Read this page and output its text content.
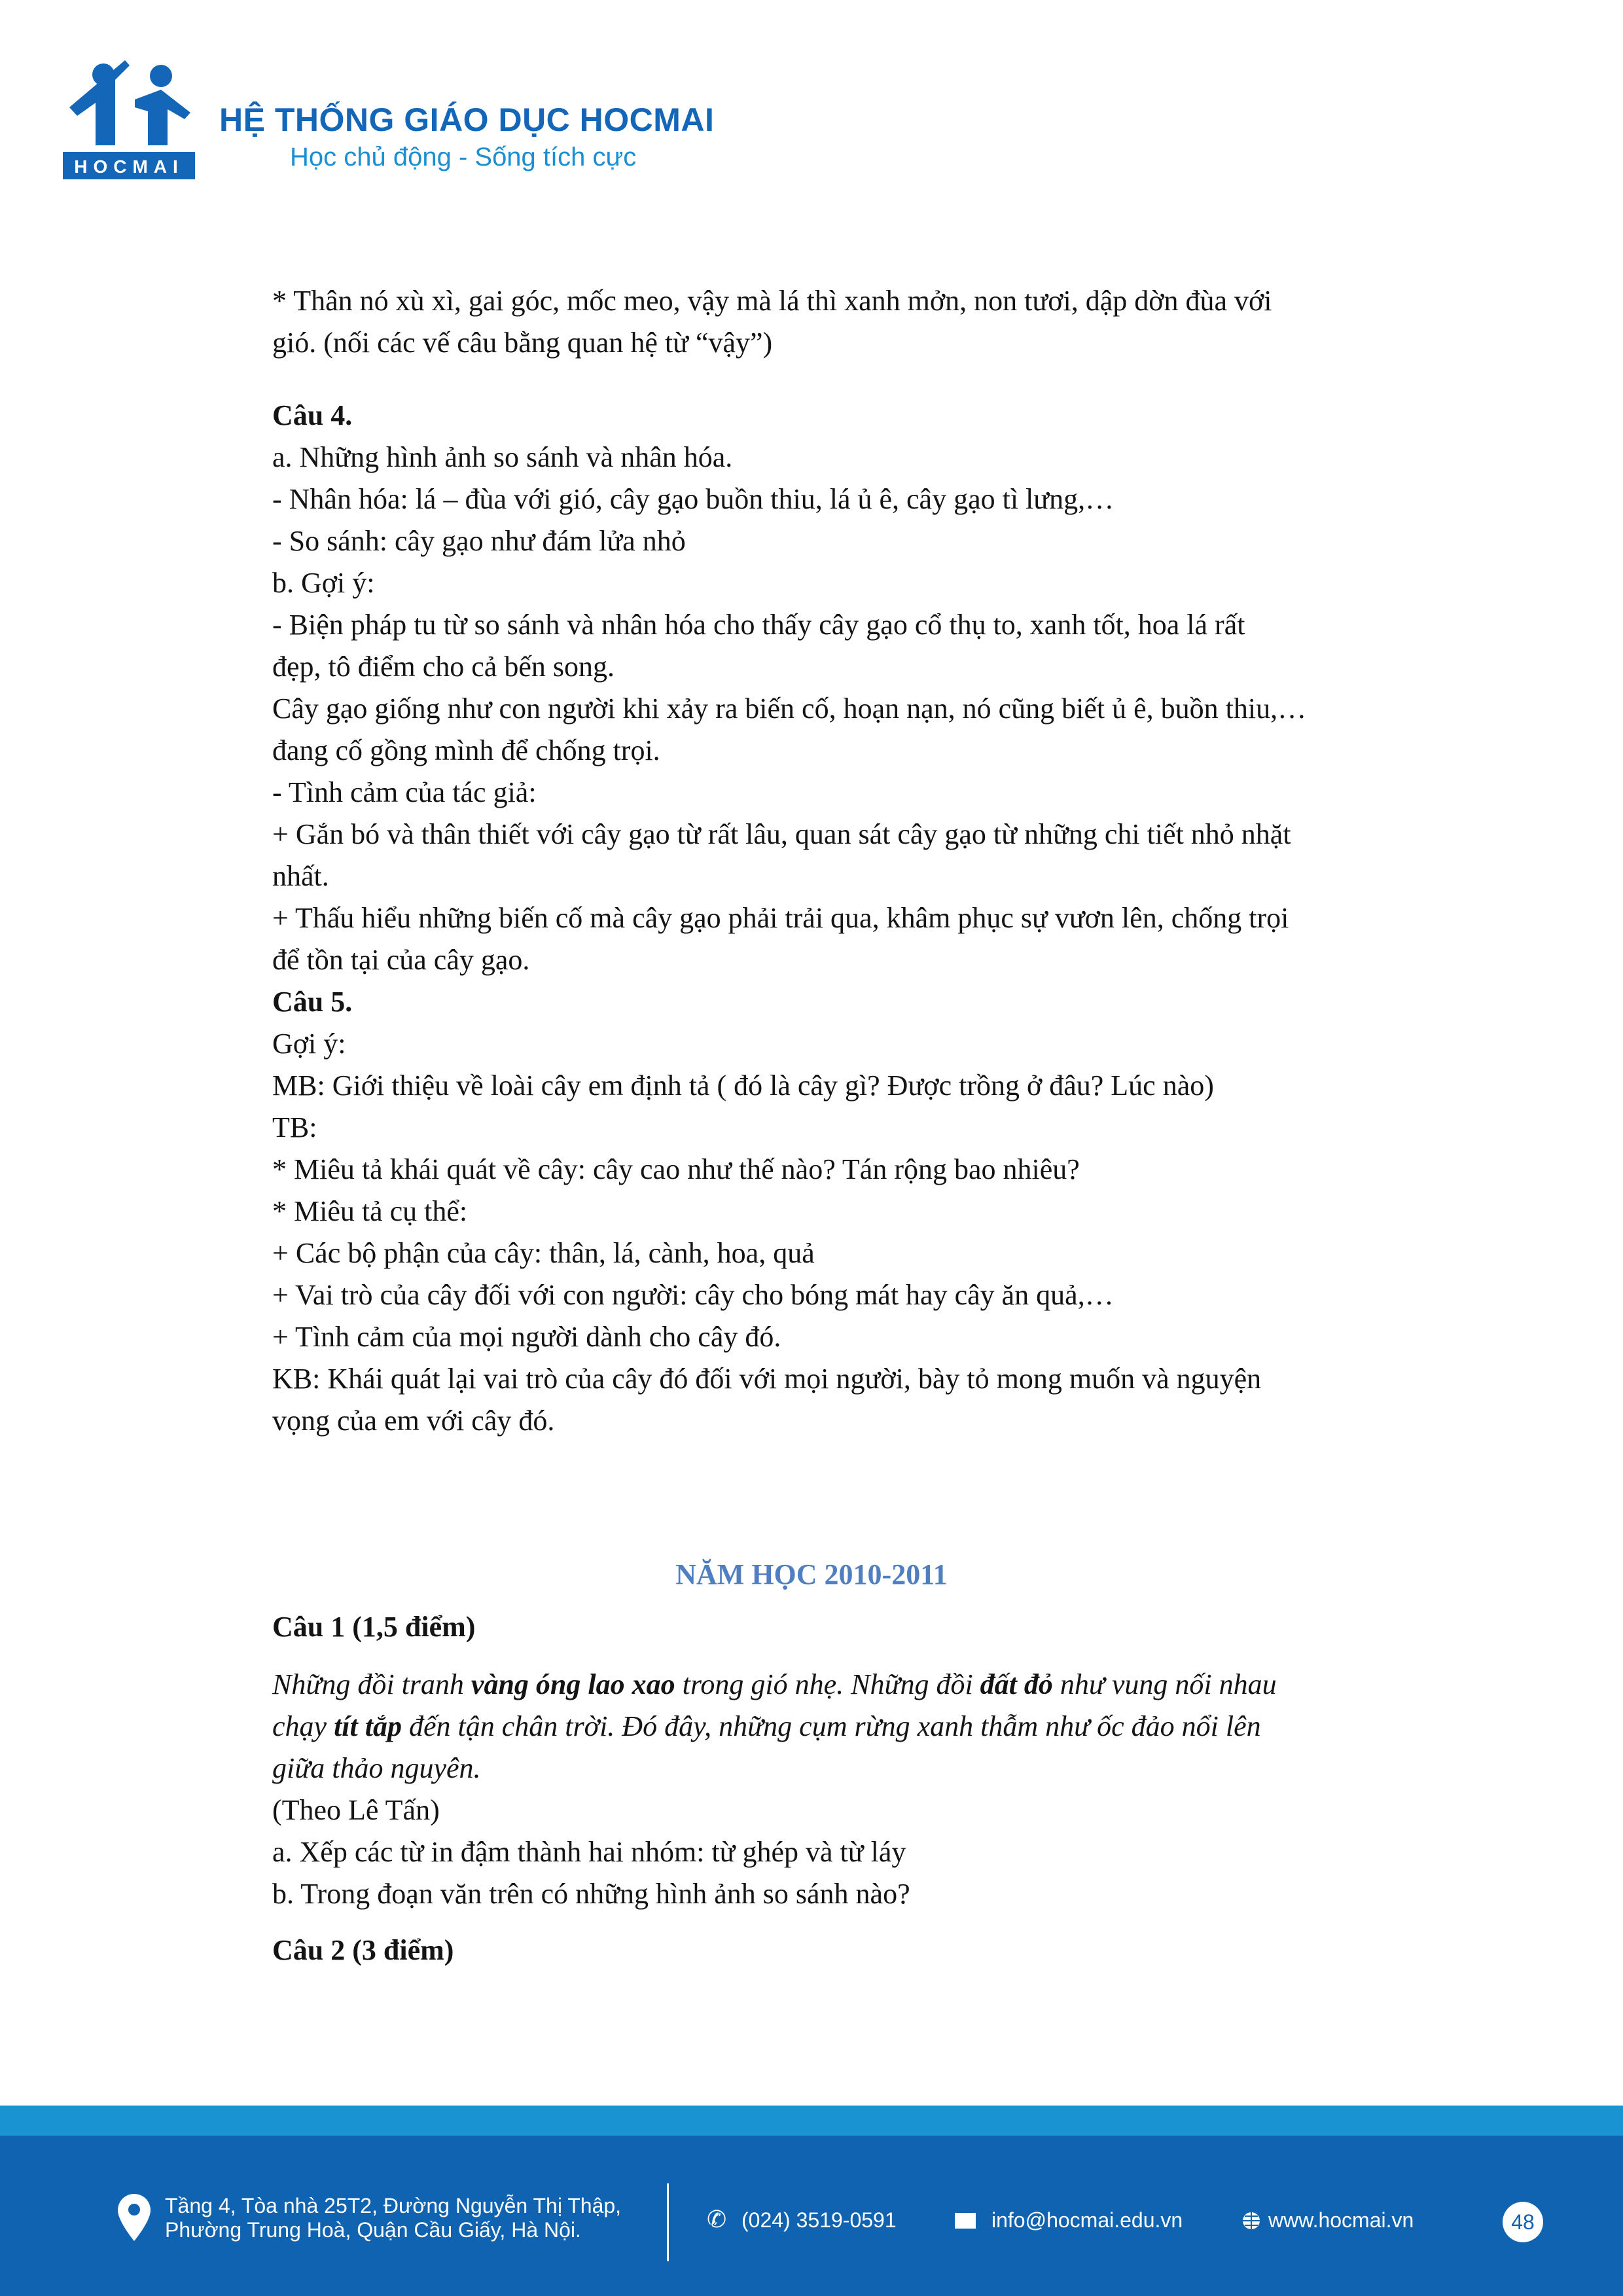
HOCMAI
HỆ THỐNG GIÁO DỤC HOCMAI
Học chủ động - Sống tích cực
* Thân nó xù xì, gai góc, mốc meo, vậy mà lá thì xanh mởn, non tươi, dập dờn đùa với
gió. (nối các vế câu bằng quan hệ từ “vậy”)
Câu 4.
a. Những hình ảnh so sánh và nhân hóa.
- Nhân hóa: lá – đùa với gió, cây gạo buồn thiu, lá ủ ê, cây gạo tì lưng,…
- So sánh: cây gạo như đám lửa nhỏ
b. Gợi ý:
- Biện pháp tu từ so sánh và nhân hóa cho thấy cây gạo cổ thụ to, xanh tốt, hoa lá rất
đẹp, tô điểm cho cả bến song.
Cây gạo giống như con người khi xảy ra biến cố, hoạn nạn, nó cũng biết ủ ê, buồn thiu,…
đang cố gồng mình để chống trọi.
- Tình cảm của tác giả:
+ Gắn bó và thân thiết với cây gạo từ rất lâu, quan sát cây gạo từ những chi tiết nhỏ nhặt
nhất.
+ Thấu hiểu những biến cố mà cây gạo phải trải qua, khâm phục sự vươn lên, chống trọi
để tồn tại của cây gạo.
Câu 5.
Gợi ý:
MB: Giới thiệu về loài cây em định tả ( đó là cây gì? Được trồng ở đâu? Lúc nào)
TB:
* Miêu tả khái quát về cây: cây cao như thế nào? Tán rộng bao nhiêu?
* Miêu tả cụ thể:
+ Các bộ phận của cây: thân, lá, cành, hoa, quả
+ Vai trò của cây đối với con người: cây cho bóng mát hay cây ăn quả,…
+ Tình cảm của mọi người dành cho cây đó.
KB: Khái quát lại vai trò của cây đó đối với mọi người, bày tỏ mong muốn và nguyện
vọng của em với cây đó.
NĂM HỌC 2010-2011
Câu 1 (1,5 điểm)
Những đồi tranh vàng óng lao xao trong gió nhẹ. Những đồi đất đỏ như vung nối nhau
chạy tít tắp đến tận chân trời. Đó đây, những cụm rừng xanh thẫm như ốc đảo nổi lên
giữa thảo nguyên.
(Theo Lê Tấn)
a. Xếp các từ in đậm thành hai nhóm: từ ghép và từ láy
b. Trong đoạn văn trên có những hình ảnh so sánh nào?
Câu 2 (3 điểm)
Tầng 4, Tòa nhà 25T2, Đường Nguyễn Thị Thập,
Phường Trung Hoà, Quận Cầu Giấy, Hà Nội.	✆ (024) 3519-0591	info@hocmai.edu.vn	www.hocmai.vn	48
